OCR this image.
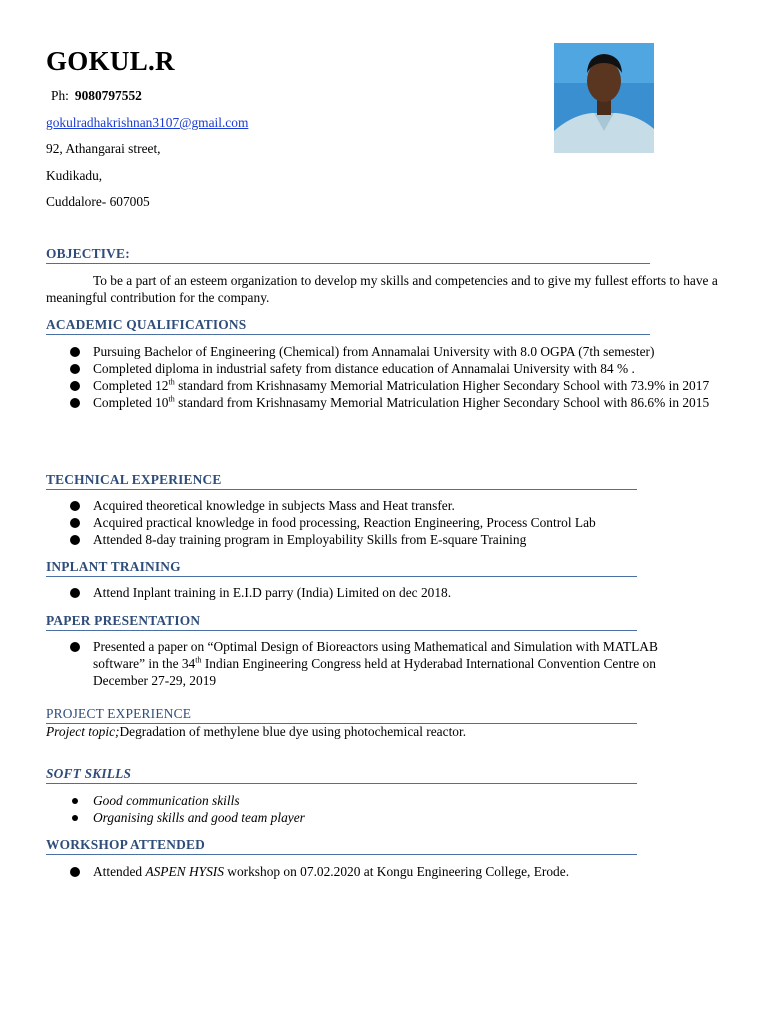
GOKUL.R
Ph: 9080797552
gokulradhakrishnan3107@gmail.com
92, Athangarai street,
Kudikadu,
Cuddalore- 607005
OBJECTIVE:
To be a part of an esteem organization to develop my skills and competencies and to give my fullest efforts to have a meaningful contribution for the company.
ACADEMIC QUALIFICATIONS
Pursuing Bachelor of Engineering (Chemical) from Annamalai University with 8.0 OGPA (7th semester)
Completed diploma in industrial safety from distance education of Annamalai University with 84 % .
Completed 12th standard from Krishnasamy Memorial Matriculation Higher Secondary School with 73.9% in 2017
Completed 10th standard from Krishnasamy Memorial Matriculation Higher Secondary School with 86.6% in 2015
TECHNICAL EXPERIENCE
Acquired theoretical knowledge in subjects Mass and Heat transfer.
Acquired practical knowledge in food processing, Reaction Engineering, Process Control Lab
Attended 8-day training program in Employability Skills from E-square Training
INPLANT TRAINING
Attend Inplant training in E.I.D parry (India) Limited on dec 2018.
PAPER PRESENTATION
Presented a paper on “Optimal Design of Bioreactors using Mathematical and Simulation with MATLAB software” in the 34th Indian Engineering Congress held at Hyderabad International Convention Centre on December 27-29, 2019
PROJECT EXPERIENCE
Project topic;Degradation of methylene blue dye using photochemical reactor.
SOFT SKILLS
Good communication skills
Organising skills and good team player
WORKSHOP ATTENDED
Attended ASPEN HYSIS workshop on 07.02.2020 at Kongu Engineering College, Erode.
